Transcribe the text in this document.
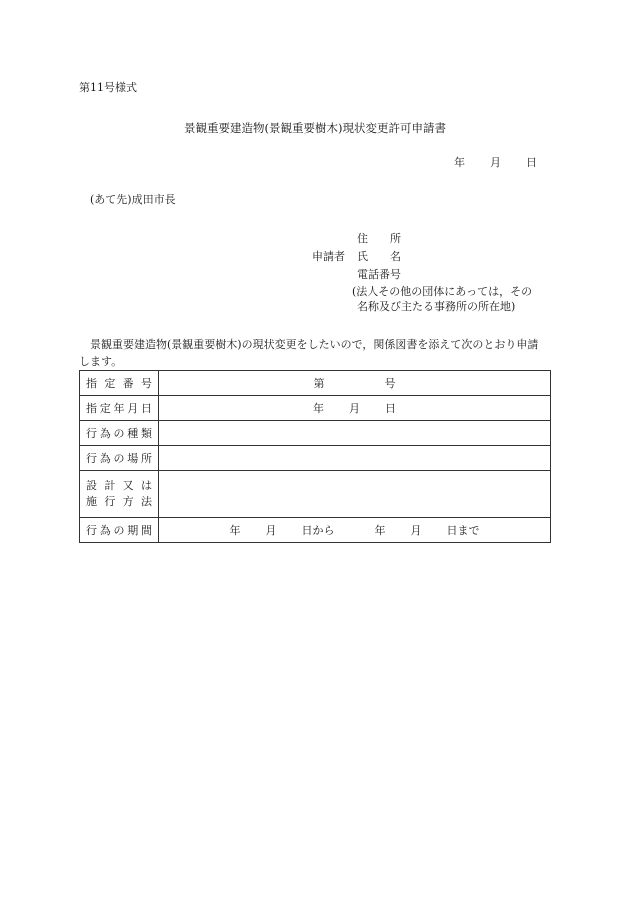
第11号様式
景観重要建造物(景観重要樹木)現状変更許可申請書
年 月 日
(あて先)成田市長
申請者
住　　所
氏　　名
電話番号
(法人その他の団体にあっては，その
名称及び主たる事務所の所在地)
景観重要建造物(景観重要樹木)の現状変更をしたいので，関係図書を添えて次のとおり申請します。
指定番号	第 号
指定年月日	年 月 日
行為の種類	
行為の場所	

設計又は
施行方法	

行為の期間	年 月 日から 年 月 日まで
